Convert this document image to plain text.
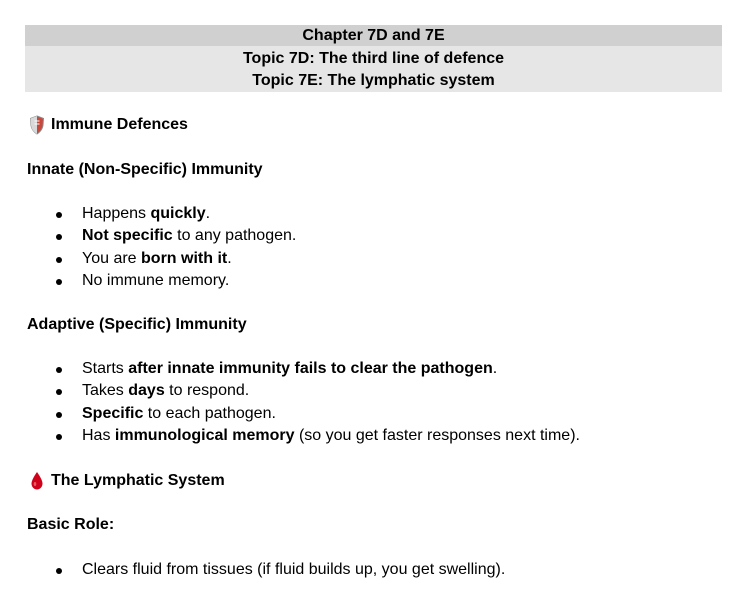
Chapter 7D and 7E
Topic 7D: The third line of defence
Topic 7E: The lymphatic system
Immune Defences
Innate (Non-Specific) Immunity
Happens quickly.
Not specific to any pathogen.
You are born with it.
No immune memory.
Adaptive (Specific) Immunity
Starts after innate immunity fails to clear the pathogen.
Takes days to respond.
Specific to each pathogen.
Has immunological memory (so you get faster responses next time).
The Lymphatic System
Basic Role:
Clears fluid from tissues (if fluid builds up, you get swelling).
